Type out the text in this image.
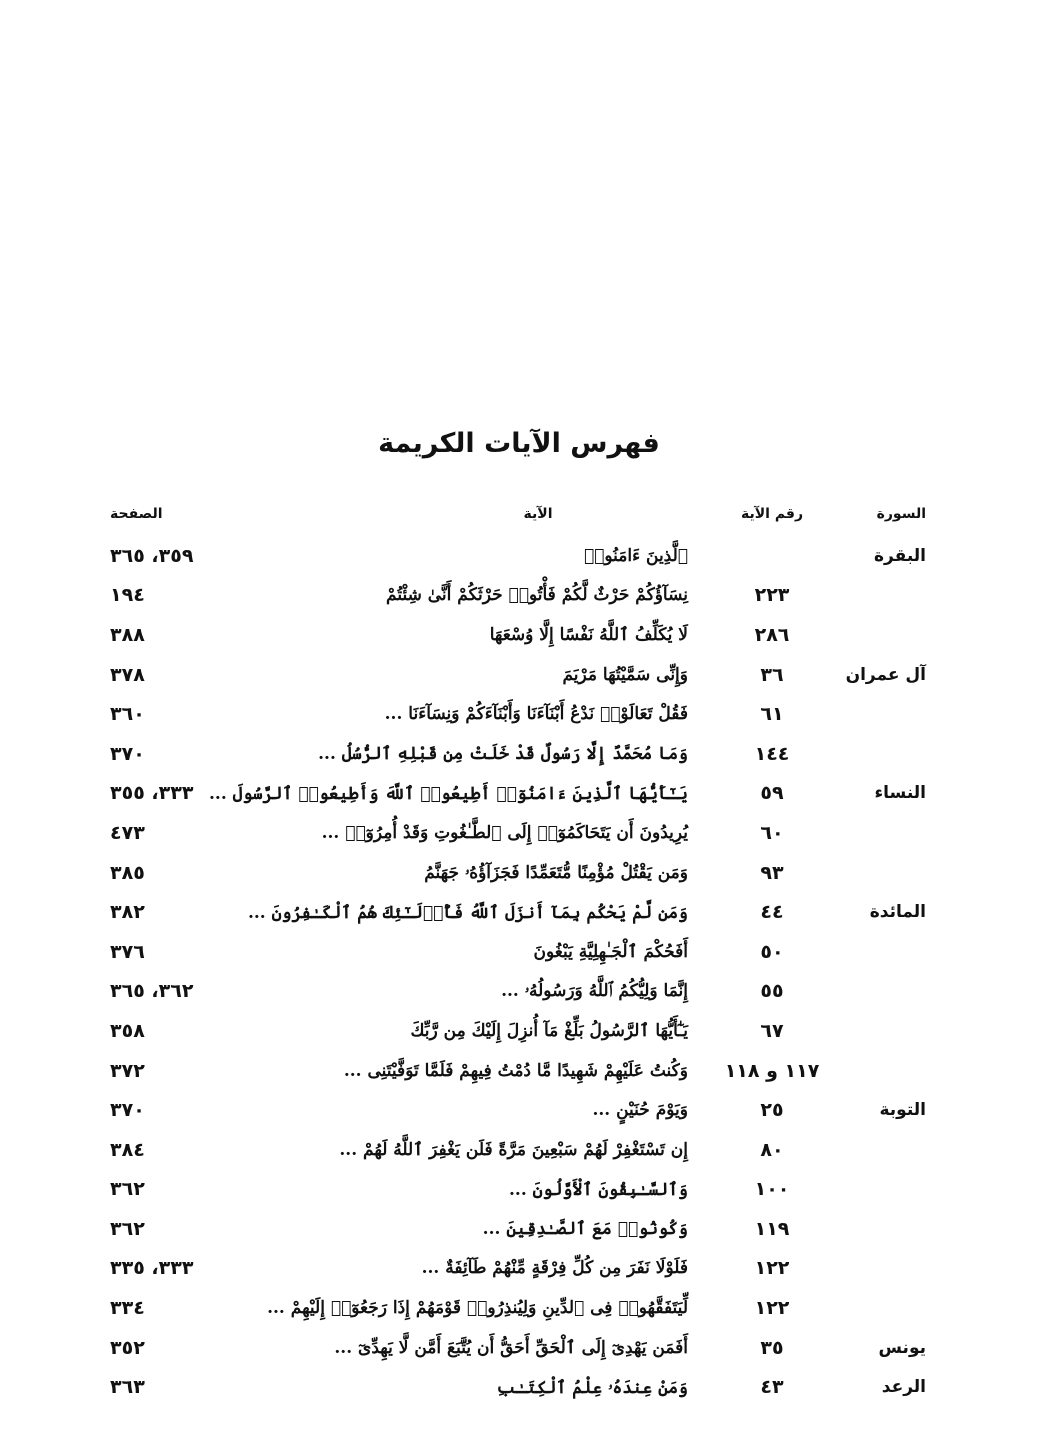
فهرس الآيات الكريمة
السورة
رقم الآية
الآية
الصفحة
البقرة
ٱلَّذِينَ ءَامَنُوا۟
٣٥٩، ٣٦٥
٢٢٣
نِسَآؤُكُمْ حَرْثٌ لَّكُمْ فَأْتُوا۟ حَرْثَكُمْ أَنَّىٰ شِئْتُمْ
١٩٤
٢٨٦
لَا يُكَلِّفُ ٱللَّهُ نَفْسًا إِلَّا وُسْعَهَا
٣٨٨
آل عمران
٣٦
وَإِنِّى سَمَّيْتُهَا مَرْيَمَ
٣٧٨
٦١
فَقُلْ تَعَالَوْا۟ نَدْعُ أَبْنَآءَنَا وَأَبْنَآءَكُمْ وَنِسَآءَنَا ...
٣٦٠
١٤٤
وَمَا مُحَمَّدٌ إِلَّا رَسُولٌ قَدْ خَلَتْ مِن قَبْلِهِ ٱلرُّسُلُ ...
٣٧٠
النساء
٥٩
يَـٰٓأَيُّهَا ٱلَّذِينَ ءَامَنُوٓا۟ أَطِيعُوا۟ ٱللَّهَ وَأَطِيعُوا۟ ٱلرَّسُولَ ...
٣٣٣، ٣٥٥
٦٠
يُرِيدُونَ أَن يَتَحَاكَمُوٓا۟ إِلَى ٱلطَّـٰغُوتِ وَقَدْ أُمِرُوٓا۟ ...
٤٧٣
٩٣
وَمَن يَقْتُلْ مُؤْمِنًا مُّتَعَمِّدًا فَجَزَآؤُهُۥ جَهَنَّمُ
٣٨٥
المائدة
٤٤
وَمَن لَّمْ يَحْكُم بِمَآ أَنزَلَ ٱللَّهُ فَأُو۟لَـٰٓئِكَ هُمُ ٱلْكَـٰفِرُونَ ...
٣٨٢
٥٠
أَفَحُكْمَ ٱلْجَـٰهِلِيَّةِ يَبْغُونَ
٣٧٦
٥٥
إِنَّمَا وَلِيُّكُمُ ٱللَّهُ وَرَسُولُهُۥ ...
٣٦٢، ٣٦٥
٦٧
يَـٰٓأَيُّهَا ٱلرَّسُولُ بَلِّغْ مَآ أُنزِلَ إِلَيْكَ مِن رَّبِّكَ
٣٥٨
١١٧ و ١١٨
وَكُنتُ عَلَيْهِمْ شَهِيدًا مَّا دُمْتُ فِيهِمْ فَلَمَّا تَوَفَّيْتَنِى ...
٣٧٢
التوبة
٢٥
وَيَوْمَ حُنَيْنٍ ...
٣٧٠
٨٠
إِن تَسْتَغْفِرْ لَهُمْ سَبْعِينَ مَرَّةً فَلَن يَغْفِرَ ٱللَّهُ لَهُمْ ...
٣٨٤
١٠٠
وَٱلسَّـٰبِقُونَ ٱلْأَوَّلُونَ ...
٣٦٢
١١٩
وَكُونُوا۟ مَعَ ٱلصَّـٰدِقِينَ ...
٣٦٢
١٢٢
فَلَوْلَا نَفَرَ مِن كُلِّ فِرْقَةٍ مِّنْهُمْ طَآئِفَةٌ ...
٣٣٣، ٣٣٥
١٢٢
لِّيَتَفَقَّهُوا۟ فِى ٱلدِّينِ وَلِيُنذِرُوا۟ قَوْمَهُمْ إِذَا رَجَعُوٓا۟ إِلَيْهِمْ ...
٣٣٤
يونس
٣٥
أَفَمَن يَهْدِىٓ إِلَى ٱلْحَقِّ أَحَقُّ أَن يُتَّبَعَ أَمَّن لَّا يَهِدِّىٓ ...
٣٥٢
الرعد
٤٣
وَمَنْ عِندَهُۥ عِلْمُ ٱلْكِتَـٰبِ
٣٦٣
